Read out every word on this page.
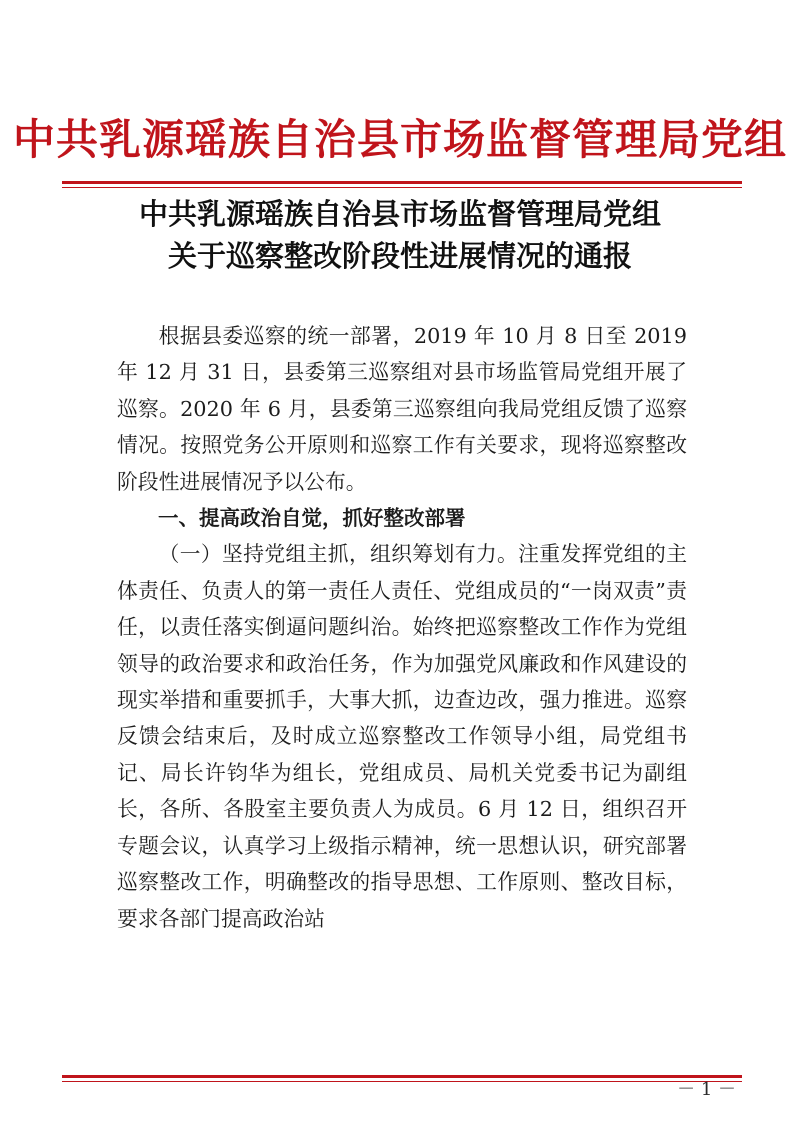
中共乳源瑶族自治县市场监督管理局党组
中共乳源瑶族自治县市场监督管理局党组
关于巡察整改阶段性进展情况的通报

根据县委巡察的统一部署，2019 年 10 月 8 日至 2019 年 12 月 31 日，县委第三巡察组对县市场监管局党组开展了巡察。2020 年 6 月，县委第三巡察组向我局党组反馈了巡察情况。按照党务公开原则和巡察工作有关要求，现将巡察整改阶段性进展情况予以公布。

一、提高政治自觉，抓好整改部署

（一）坚持党组主抓，组织筹划有力。注重发挥党组的主体责任、负责人的第一责任人责任、党组成员的“一岗双责”责任，以责任落实倒逼问题纠治。始终把巡察整改工作作为党组领导的政治要求和政治任务，作为加强党风廉政和作风建设的现实举措和重要抓手，大事大抓，边查边改，强力推进。巡察反馈会结束后，及时成立巡察整改工作领导小组，局党组书记、局长许钧华为组长，党组成员、局机关党委书记为副组长，各所、各股室主要负责人为成员。6 月 12 日，组织召开专题会议，认真学习上级指示精神，统一思想认识，研究部署巡察整改工作，明确整改的指导思想、工作原则、整改目标，要求各部门提高政治站

－ 1 －
